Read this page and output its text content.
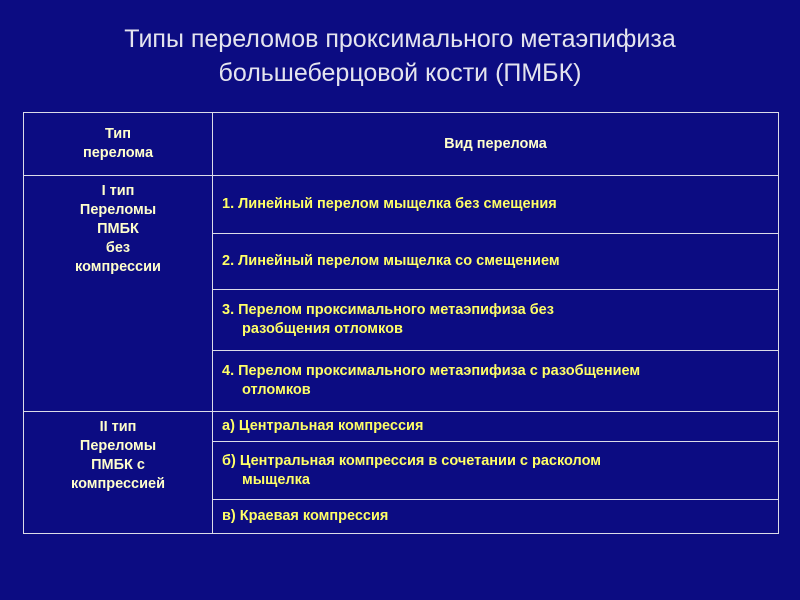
Типы переломов проксимального метаэпифиза
большеберцовой кости (ПМБК)
Тип
перелома	Вид перелома

I тип
Переломы
ПМБК
без
компрессии	1. Линейный перелом мыщелка без смещения

	2. Линейный перелом мыщелка со смещением

	3. Перелом проксимального метаэпифиза без
разобщения отломков

	4. Перелом проксимального метаэпифиза с разобщением
отломков

II тип
Переломы
ПМБК с
компрессией	а) Центральная компрессия

	б) Центральная компрессия в сочетании с расколом
мыщелка

	в) Краевая компрессия
